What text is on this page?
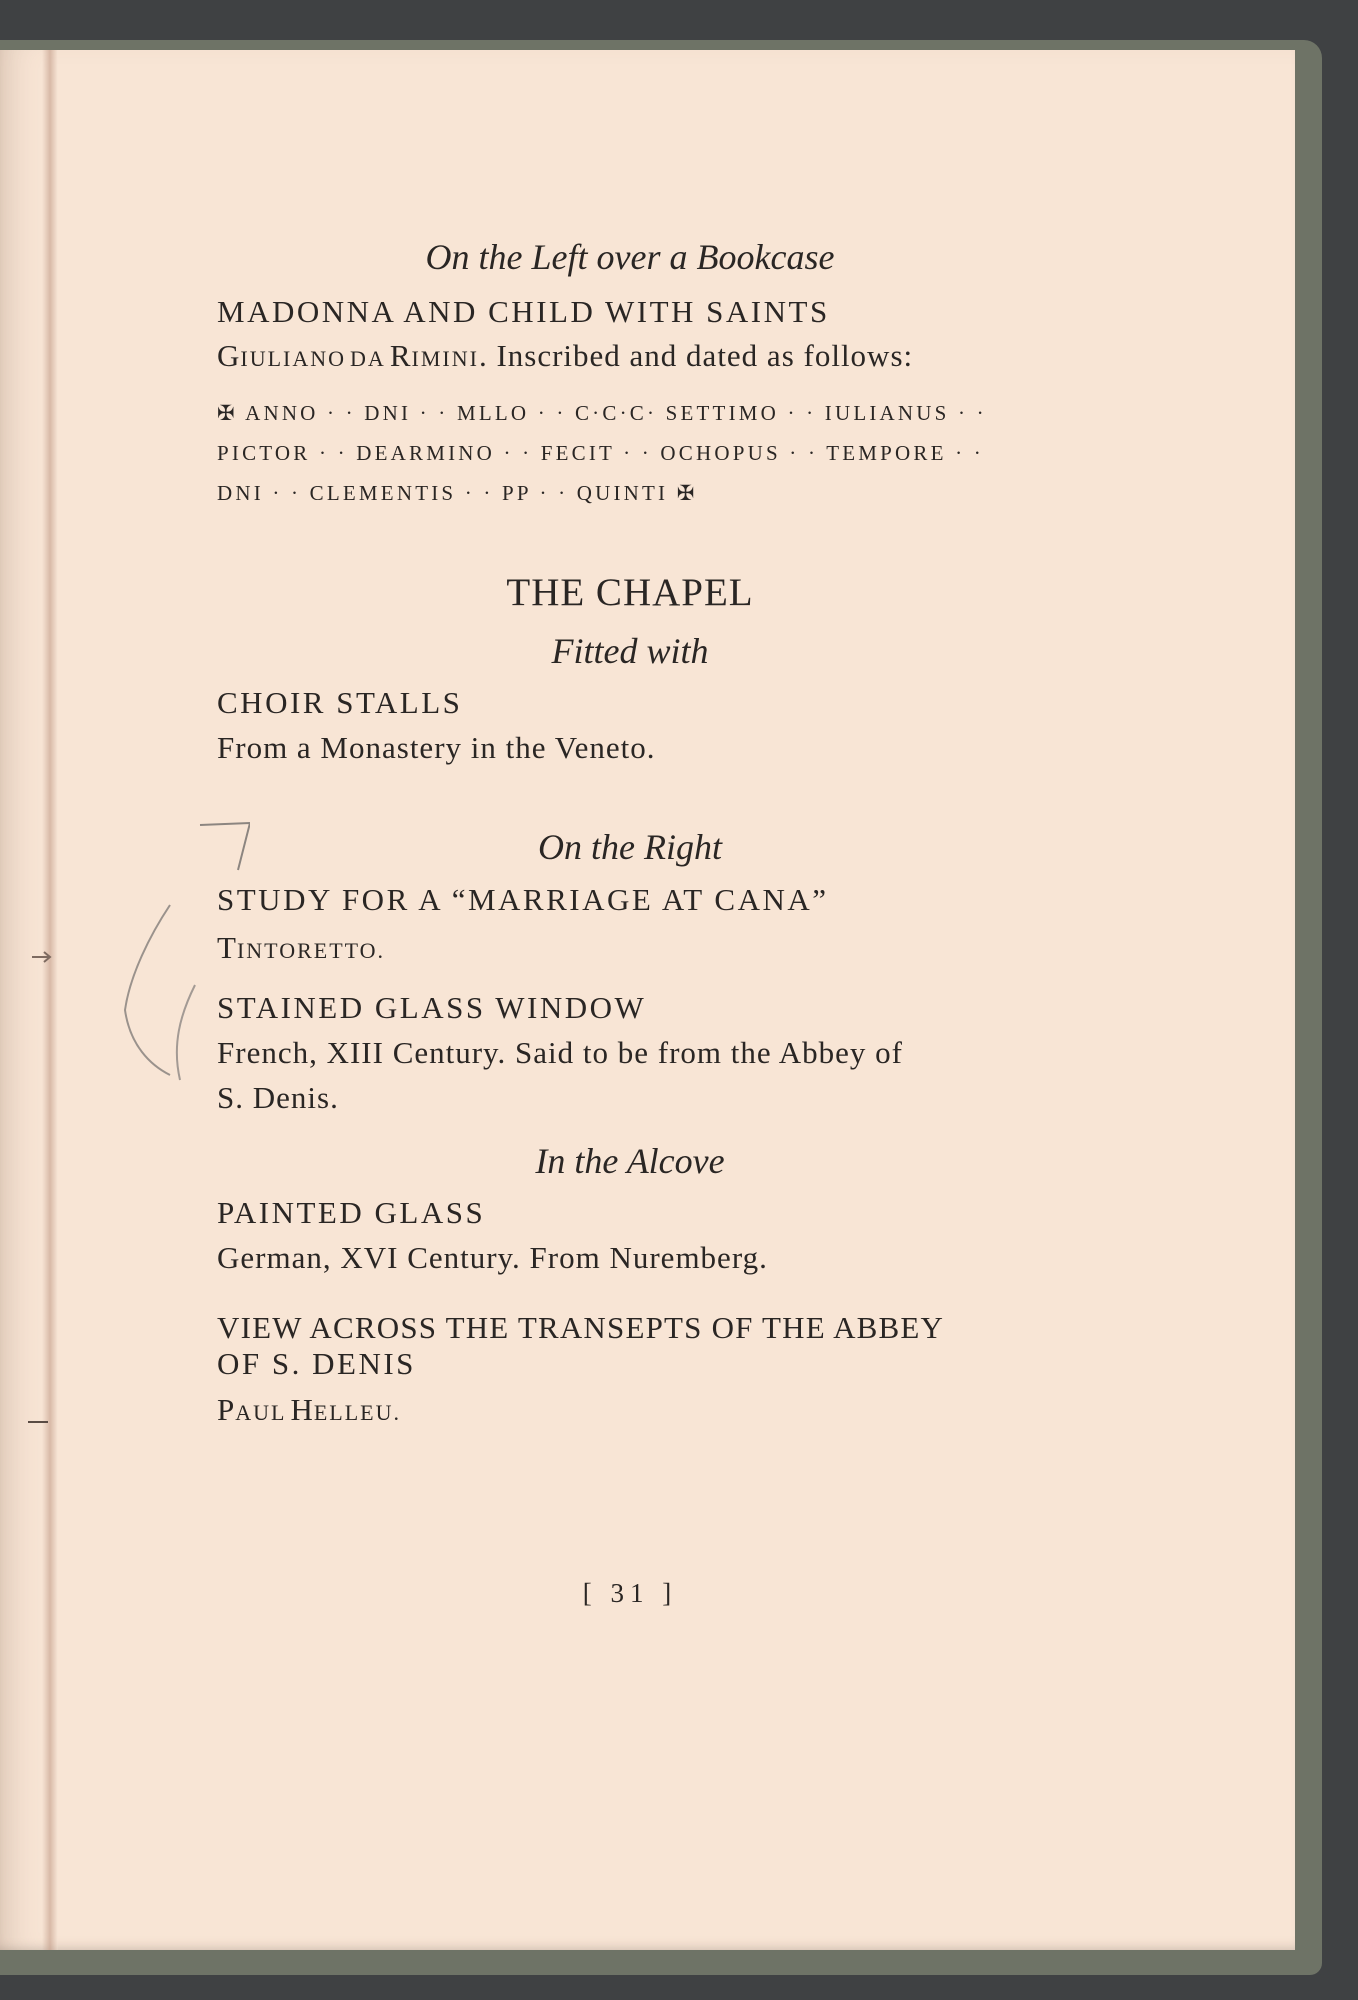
On the Left over a Bookcase
MADONNA AND CHILD WITH SAINTS
GIULIANO DA RIMINI. Inscribed and dated as follows:
✠ ANNO · · DNI · · MLLO · · C·C·C· SETTIMO · · IULIANUS · ·
PICTOR · · DEARMINO · · FECIT · · OCHOPUS · · TEMPORE · ·
DNI · · CLEMENTIS · · PP · · QUINTI ✠
THE CHAPEL
Fitted with
CHOIR STALLS
From a Monastery in the Veneto.
On the Right
STUDY FOR A “MARRIAGE AT CANA”
TINTORETTO.
STAINED GLASS WINDOW
French, XIII Century. Said to be from the Abbey of
S. Denis.
In the Alcove
PAINTED GLASS
German, XVI Century. From Nuremberg.
VIEW ACROSS THE TRANSEPTS OF THE ABBEY
OF S. DENIS
PAUL HELLEU.
[ 31 ]
